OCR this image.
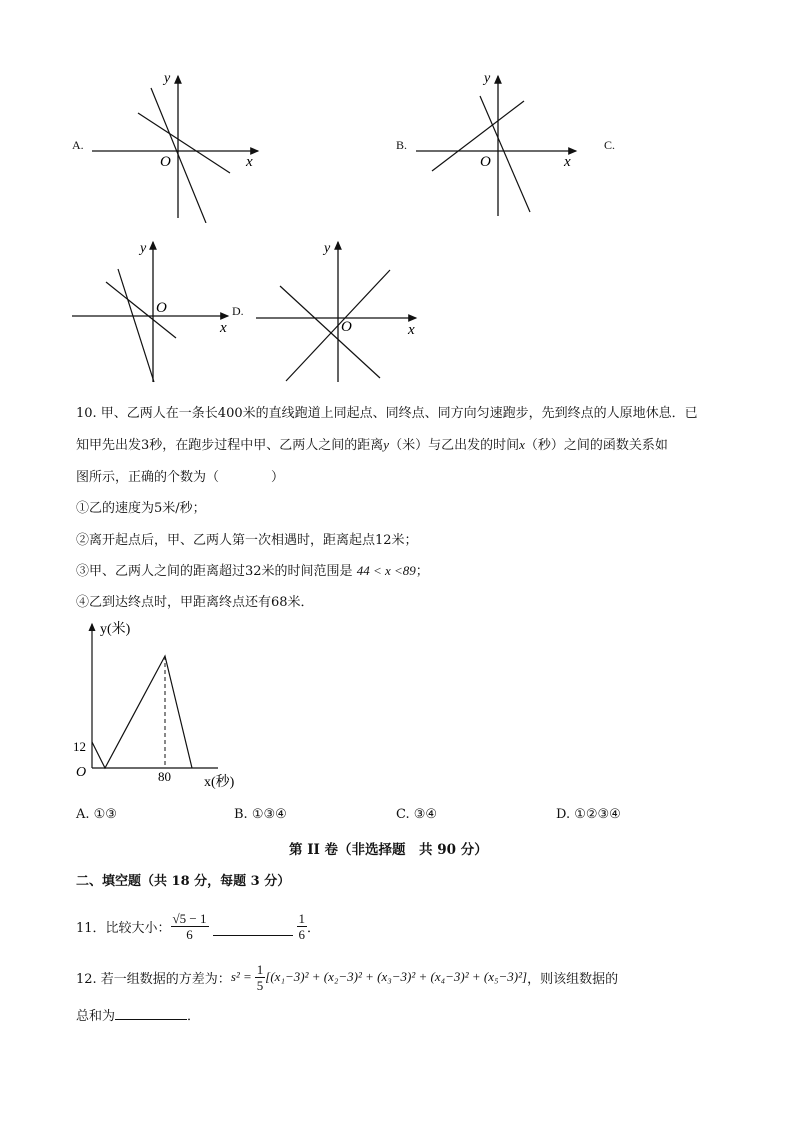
A.
y
x
O
B.
y
x
O
C.
y
x
O	D.
y
x
O
10. 甲、乙两人在一条长400米的直线跑道上同起点、同终点、同方向匀速跑步，先到终点的人原地休息．已
知甲先出发3秒，在跑步过程中甲、乙两人之间的距离y（米）与乙出发的时间x（秒）之间的函数关系如
图所示，正确的个数为（　　　　）
①乙的速度为5米/秒；
②离开起点后，甲、乙两人第一次相遇时，距离起点12米；
③甲、乙两人之间的距离超过32米的时间范围是 44 < x <89；
④乙到达终点时，甲距离终点还有68米．
y(米)
x(秒)
O
12
80
A. ①③	B. ①③④	C. ③④	D. ①②③④
第 II 卷（非选择题　共 90 分）
二、填空题（共 18 分，每题 3 分）
11．比较大小： $\frac{√5 - 1}{6}$	$\frac{1}{6}$ ．
12. 若一组数据的方差为： $s^2 = \frac{1}{5} [(x_1-3)^2 + (x_2-3)^2 + (x_3-3)^2 + (x_4-3)^2 + (x_5-3)^2]$ ，则该组数据的
总和为	．
